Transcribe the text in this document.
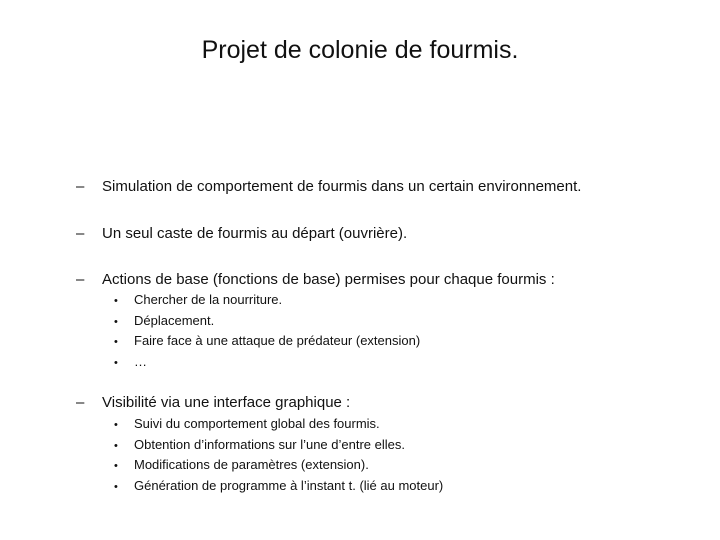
Projet de colonie de fourmis.
– Simulation de comportement de fourmis dans un certain environnement.
– Un seul caste de fourmis au départ (ouvrière).
– Actions de base (fonctions de base) permises pour chaque fourmis :
• Chercher de la nourriture.
• Déplacement.
• Faire face à une attaque de prédateur (extension)
• …
– Visibilité via une interface graphique :
• Suivi du comportement global des fourmis.
• Obtention d’informations sur l’une d’entre elles.
• Modifications de paramètres (extension).
• Génération de programme à l’instant t. (lié au moteur)
